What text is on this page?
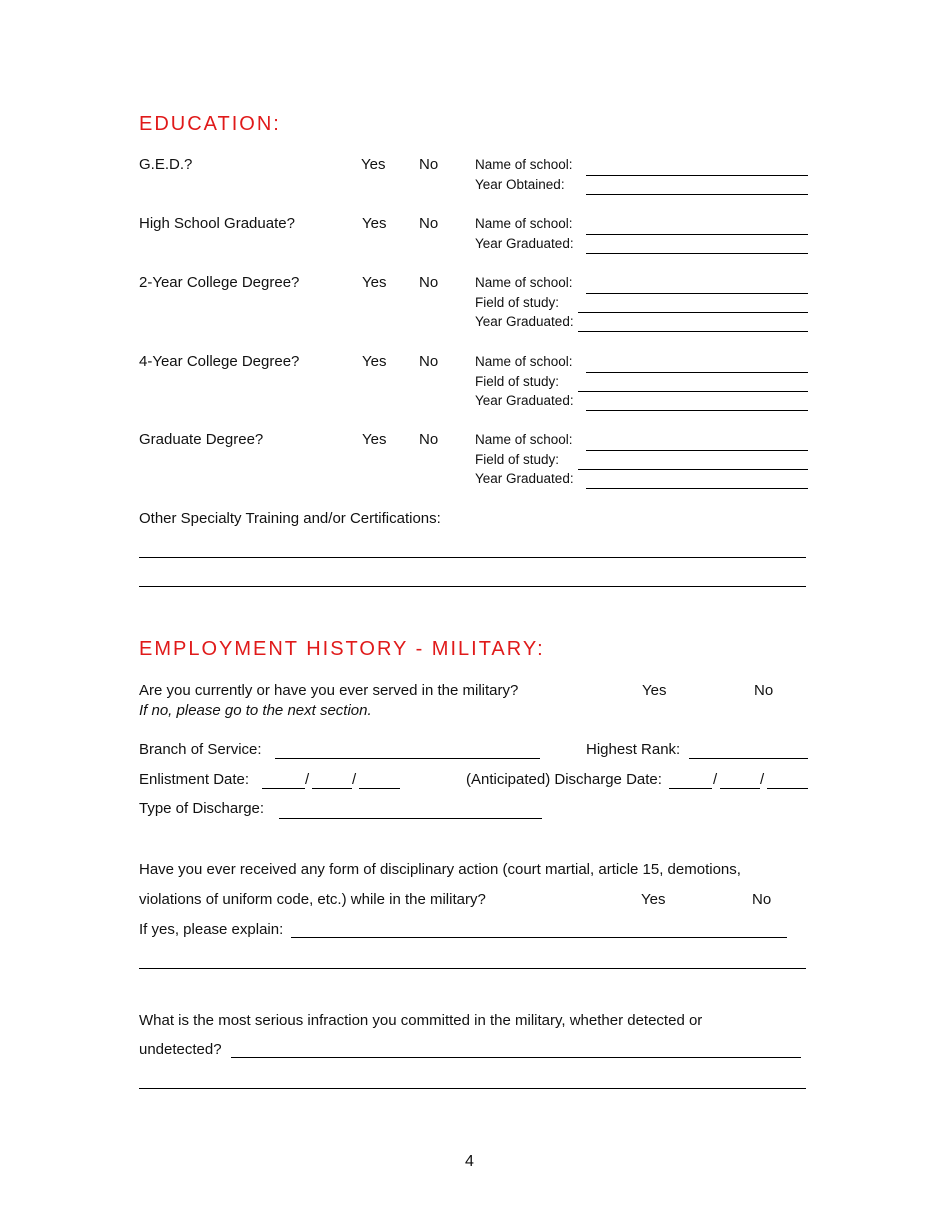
EDUCATION:
G.E.D.?	Yes No	Name of school:
Year Obtained:
High School Graduate?	Yes No	Name of school:
Year Graduated:
2-Year College Degree?	Yes No	Name of school:
Field of study:
Year Graduated:
4-Year College Degree?	Yes No	Name of school:
Field of study:
Year Graduated:
Graduate Degree?	Yes No	Name of school:
Field of study:
Year Graduated:
Other Specialty Training and/or Certifications:
EMPLOYMENT HISTORY - MILITARY:
Are you currently or have you ever served in the military?	Yes	No
If no, please go to the next section.
Branch of Service:	Highest Rank:
Enlistment Date:	/	/	(Anticipated) Discharge Date:	/	/
Type of Discharge:
Have you ever received any form of disciplinary action (court martial, article 15, demotions,
violations of uniform code, etc.) while in the military?	Yes	No
If yes, please explain:
What is the most serious infraction you committed in the military, whether detected or
undetected?
4
